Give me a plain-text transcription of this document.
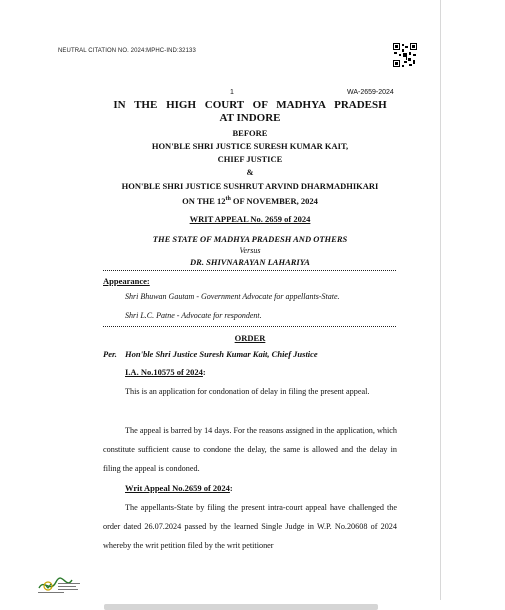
NEUTRAL CITATION NO. 2024:MPHC-IND:32133
1	WA-2659-2024
IN THE HIGH COURT OF MADHYA PRADESH
AT INDORE
BEFORE
HON'BLE SHRI JUSTICE SURESH KUMAR KAIT,
CHIEF JUSTICE
&
HON'BLE SHRI JUSTICE SUSHRUT ARVIND DHARMADHIKARI
ON THE 12th OF NOVEMBER, 2024
WRIT APPEAL No. 2659 of 2024
THE STATE OF MADHYA PRADESH AND OTHERS
Versus
DR. SHIVNARAYAN LAHARIYA
Appearance:
Shri Bhuwan Gautam - Government Advocate for appellants-State.
Shri L.C. Patne - Advocate for respondent.
ORDER
Per. Hon'ble Shri Justice Suresh Kumar Kait, Chief Justice
I.A. No.10575 of 2024:
This is an application for condonation of delay in filing the present appeal.
The appeal is barred by 14 days. For the reasons assigned in the application, which constitute sufficient cause to condone the delay, the same is allowed and the delay in filing the appeal is condoned.
Writ Appeal No.2659 of 2024:
The appellants-State by filing the present intra-court appeal have challenged the order dated 26.07.2024 passed by the learned Single Judge in W.P. No.20608 of 2024 whereby the writ petition filed by the writ petitioner
